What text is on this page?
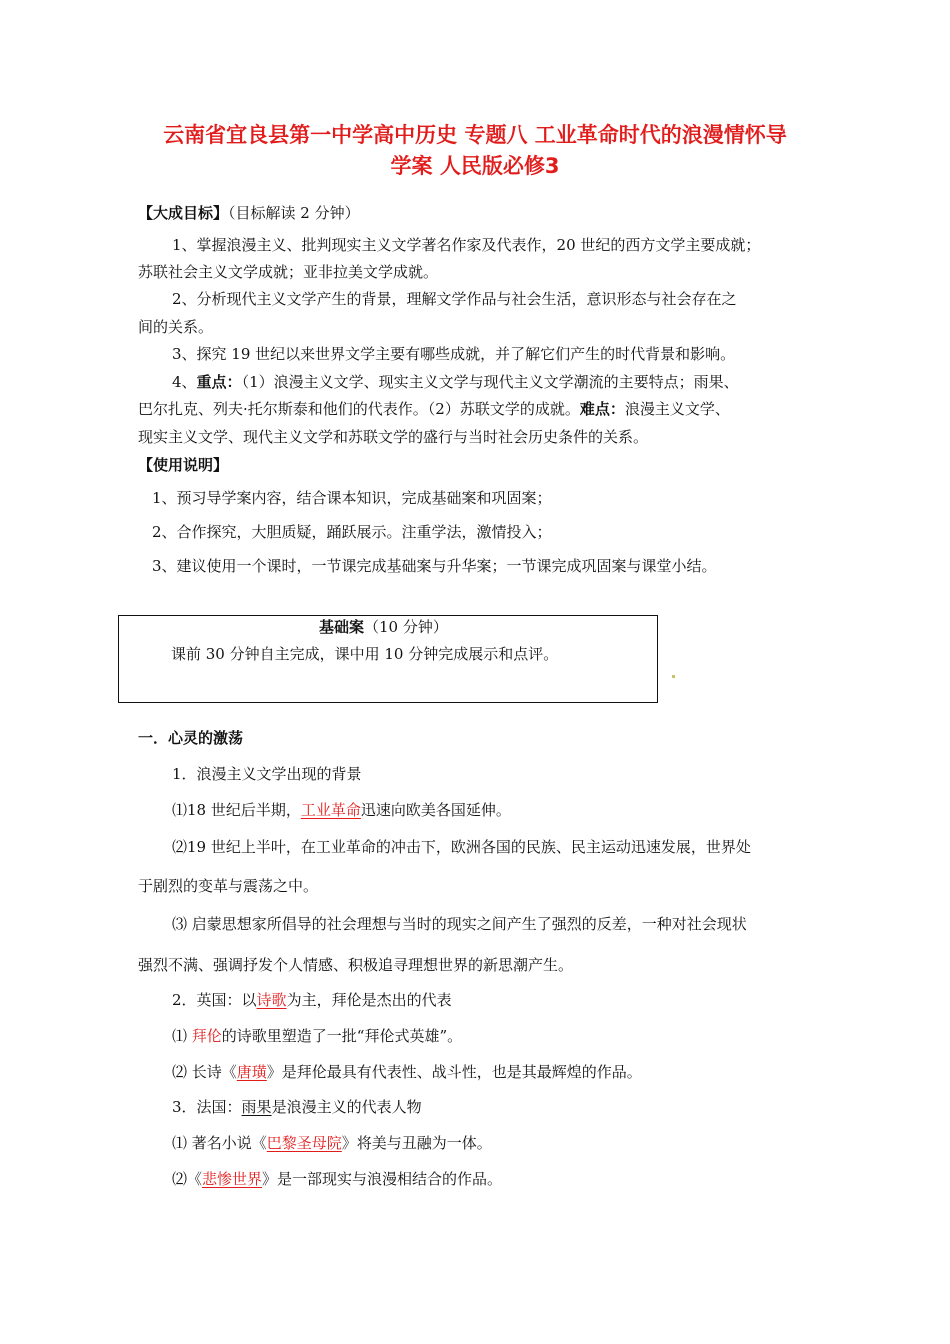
云南省宜良县第一中学高中历史 专题八 工业革命时代的浪漫情怀导
学案 人民版必修3
【大成目标】（目标解读 2 分钟）
1、掌握浪漫主义、批判现实主义文学著名作家及代表作，20 世纪的西方文学主要成就；
苏联社会主义文学成就；亚非拉美文学成就。
2、分析现代主义文学产生的背景，理解文学作品与社会生活，意识形态与社会存在之
间的关系。
3、探究 19 世纪以来世界文学主要有哪些成就，并了解它们产生的时代背景和影响。
4、重点：（1）浪漫主义文学、现实主义文学与现代主义文学潮流的主要特点；雨果、
巴尔扎克、列夫·托尔斯泰和他们的代表作。（2）苏联文学的成就。难点：浪漫主义文学、
现实主义文学、现代主义文学和苏联文学的盛行与当时社会历史条件的关系。
【使用说明】
1、预习导学案内容，结合课本知识，完成基础案和巩固案；
2、合作探究，大胆质疑，踊跃展示。注重学法，激情投入；
3、建议使用一个课时，一节课完成基础案与升华案；一节课完成巩固案与课堂小结。
基础案（10 分钟）
课前 30 分钟自主完成，课中用 10 分钟完成展示和点评。
一．心灵的激荡
1．浪漫主义文学出现的背景
⑴18 世纪后半期，工业革命迅速向欧美各国延伸。
⑵19 世纪上半叶，在工业革命的冲击下，欧洲各国的民族、民主运动迅速发展，世界处
于剧烈的变革与震荡之中。
⑶ 启蒙思想家所倡导的社会理想与当时的现实之间产生了强烈的反差，一种对社会现状
强烈不满、强调抒发个人情感、积极追寻理想世界的新思潮产生。
2．英国：以诗歌为主，拜伦是杰出的代表
⑴ 拜伦的诗歌里塑造了一批“拜伦式英雄”。
⑵ 长诗《唐璜》是拜伦最具有代表性、战斗性，也是其最辉煌的作品。
3．法国：雨果是浪漫主义的代表人物
⑴ 著名小说《巴黎圣母院》将美与丑融为一体。
⑵《悲惨世界》是一部现实与浪漫相结合的作品。
